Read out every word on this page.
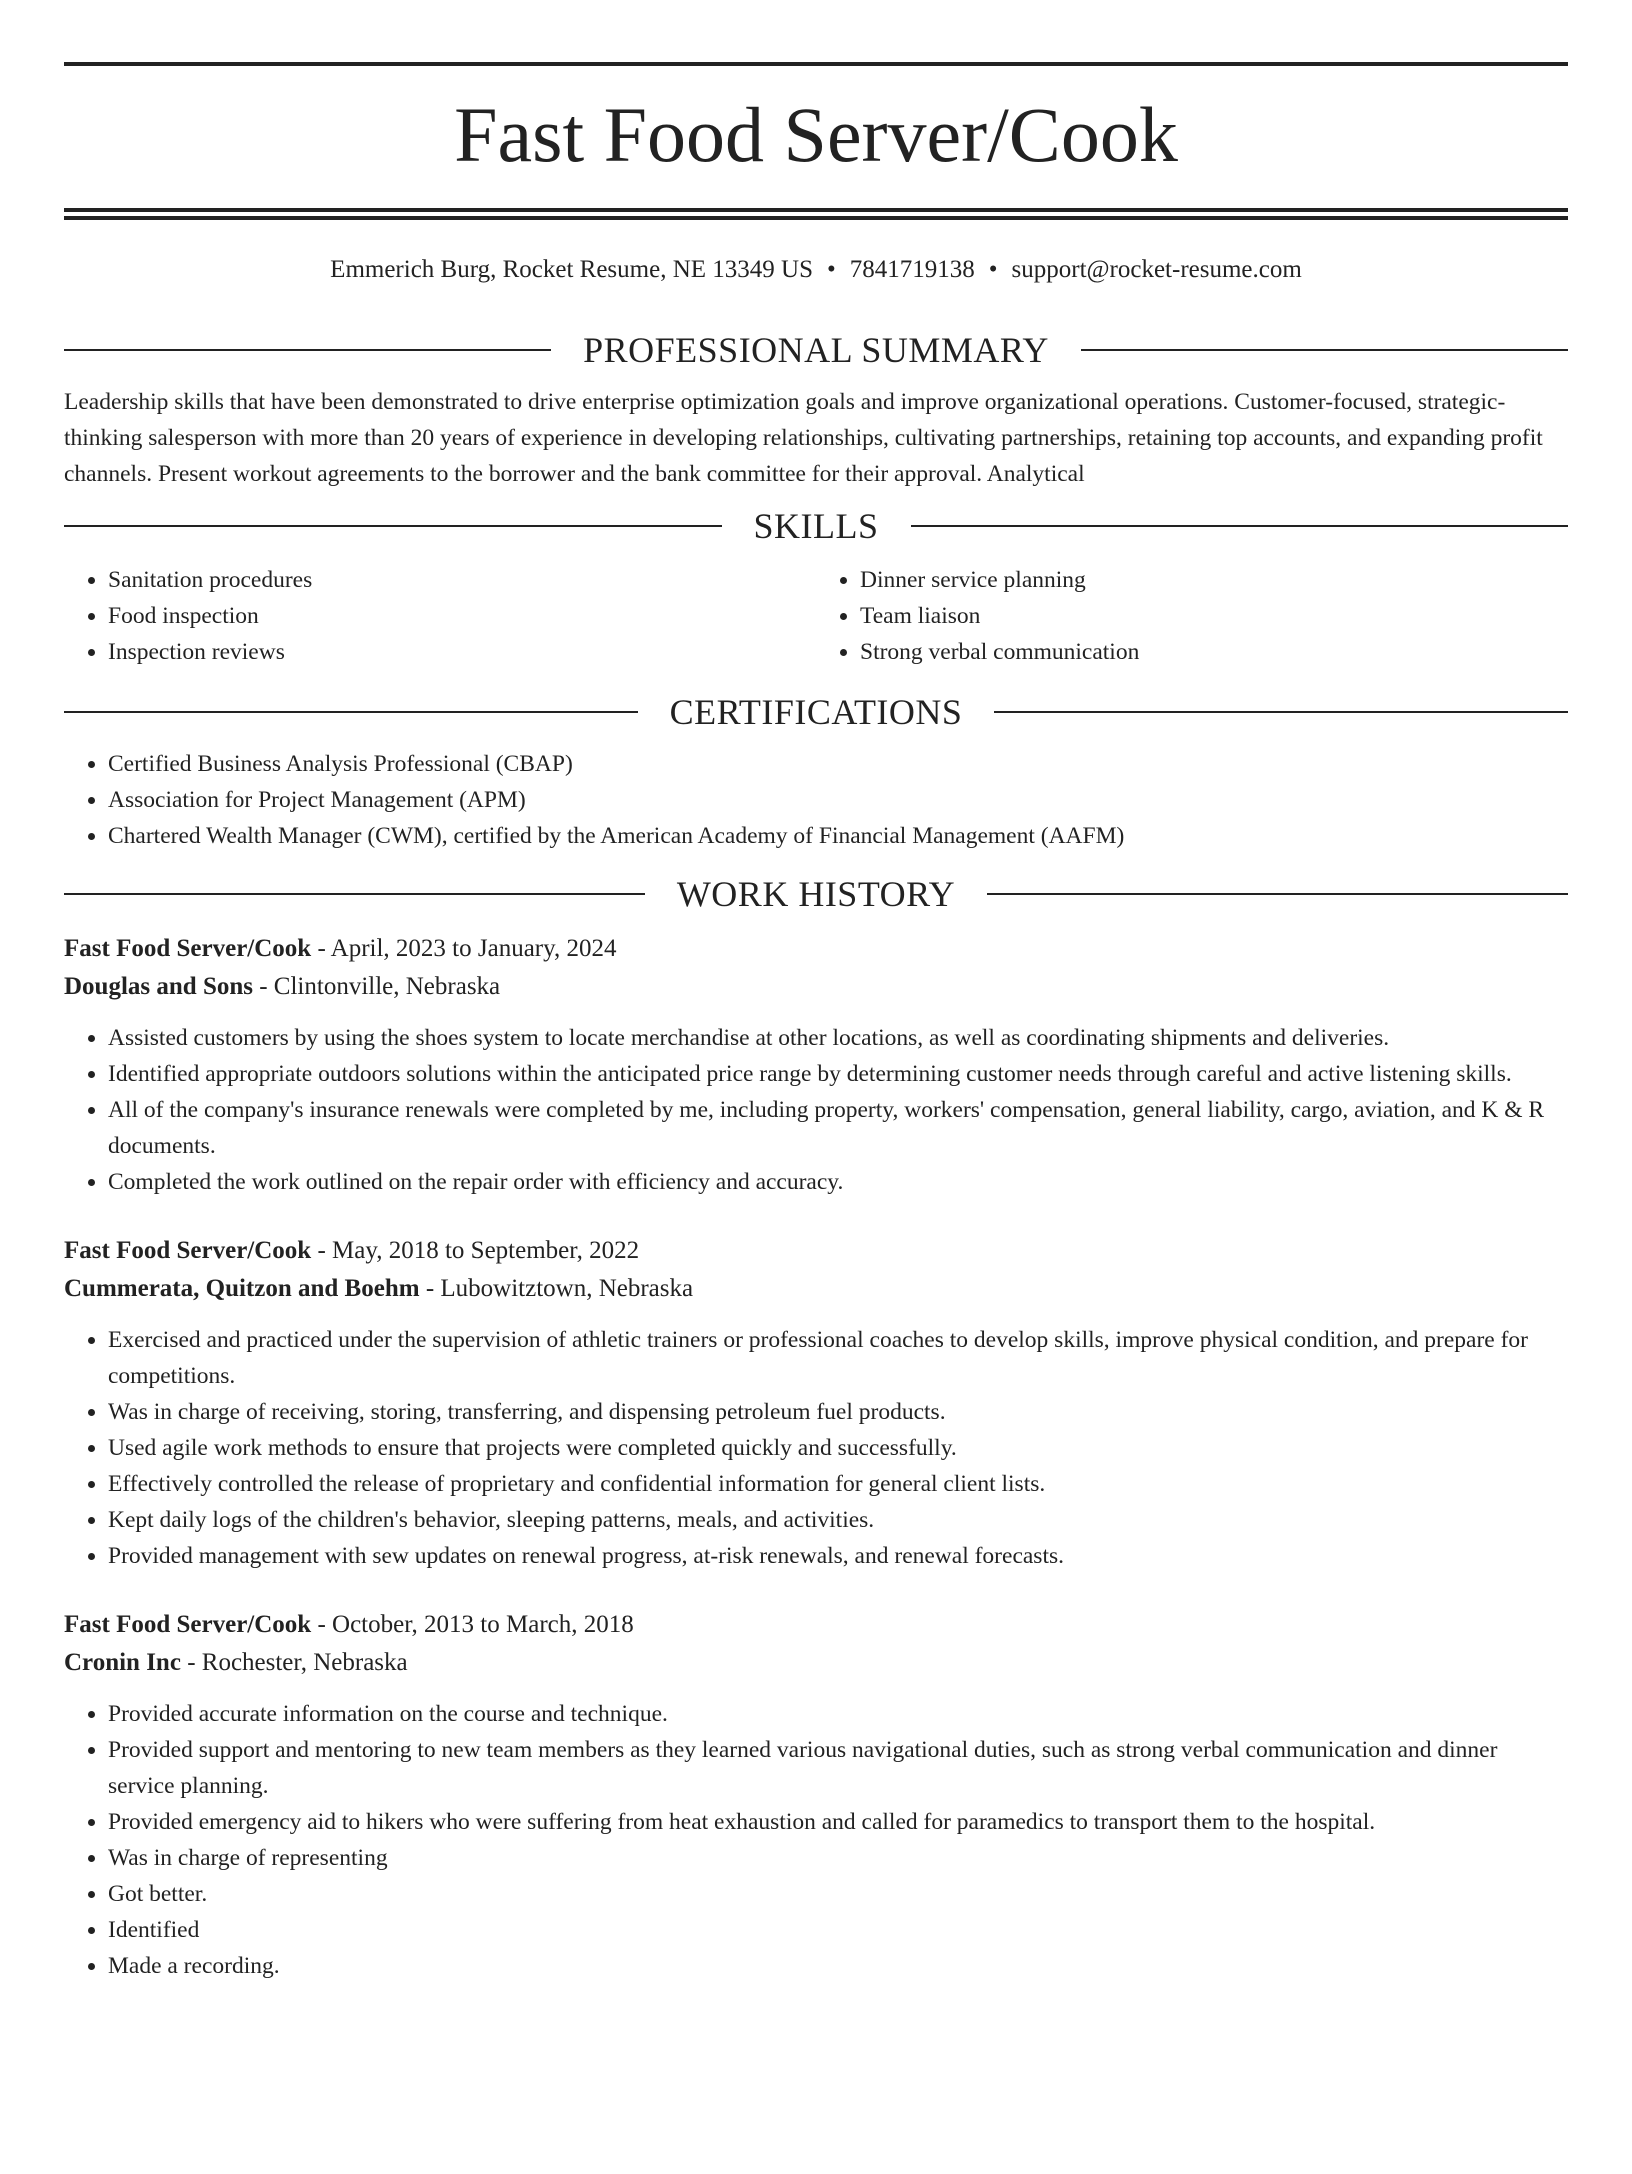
Fast Food Server/Cook
Emmerich Burg, Rocket Resume, NE 13349 US • 7841719138 • support@rocket-resume.com
PROFESSIONAL SUMMARY

Leadership skills that have been demonstrated to drive enterprise optimization goals and improve organizational operations. Customer-focused, strategic-thinking salesperson with more than 20 years of experience in developing relationships, cultivating partnerships, retaining top accounts, and expanding profit channels. Present workout agreements to the borrower and the bank committee for their approval. Analytical

SKILLS
• Sanitation procedures
• Food inspection
• Inspection reviews
• Dinner service planning
• Team liaison
• Strong verbal communication
CERTIFICATIONS
• Certified Business Analysis Professional (CBAP)
• Association for Project Management (APM)
• Chartered Wealth Manager (CWM), certified by the American Academy of Financial Management (AAFM)
WORK HISTORY
Fast Food Server/Cook - April, 2023 to January, 2024
Douglas and Sons - Clintonville, Nebraska
• Assisted customers by using the shoes system to locate merchandise at other locations, as well as coordinating shipments and deliveries.
• Identified appropriate outdoors solutions within the anticipated price range by determining customer needs through careful and active listening skills.
• All of the company's insurance renewals were completed by me, including property, workers' compensation, general liability, cargo, aviation, and K & R documents.
• Completed the work outlined on the repair order with efficiency and accuracy.
Fast Food Server/Cook - May, 2018 to September, 2022
Cummerata, Quitzon and Boehm - Lubowitztown, Nebraska
• Exercised and practiced under the supervision of athletic trainers or professional coaches to develop skills, improve physical condition, and prepare for competitions.
• Was in charge of receiving, storing, transferring, and dispensing petroleum fuel products.
• Used agile work methods to ensure that projects were completed quickly and successfully.
• Effectively controlled the release of proprietary and confidential information for general client lists.
• Kept daily logs of the children's behavior, sleeping patterns, meals, and activities.
• Provided management with sew updates on renewal progress, at-risk renewals, and renewal forecasts.
Fast Food Server/Cook - October, 2013 to March, 2018
Cronin Inc - Rochester, Nebraska
• Provided accurate information on the course and technique.
• Provided support and mentoring to new team members as they learned various navigational duties, such as strong verbal communication and dinner service planning.
• Provided emergency aid to hikers who were suffering from heat exhaustion and called for paramedics to transport them to the hospital.
• Was in charge of representing
• Got better.
• Identified
• Made a recording.
